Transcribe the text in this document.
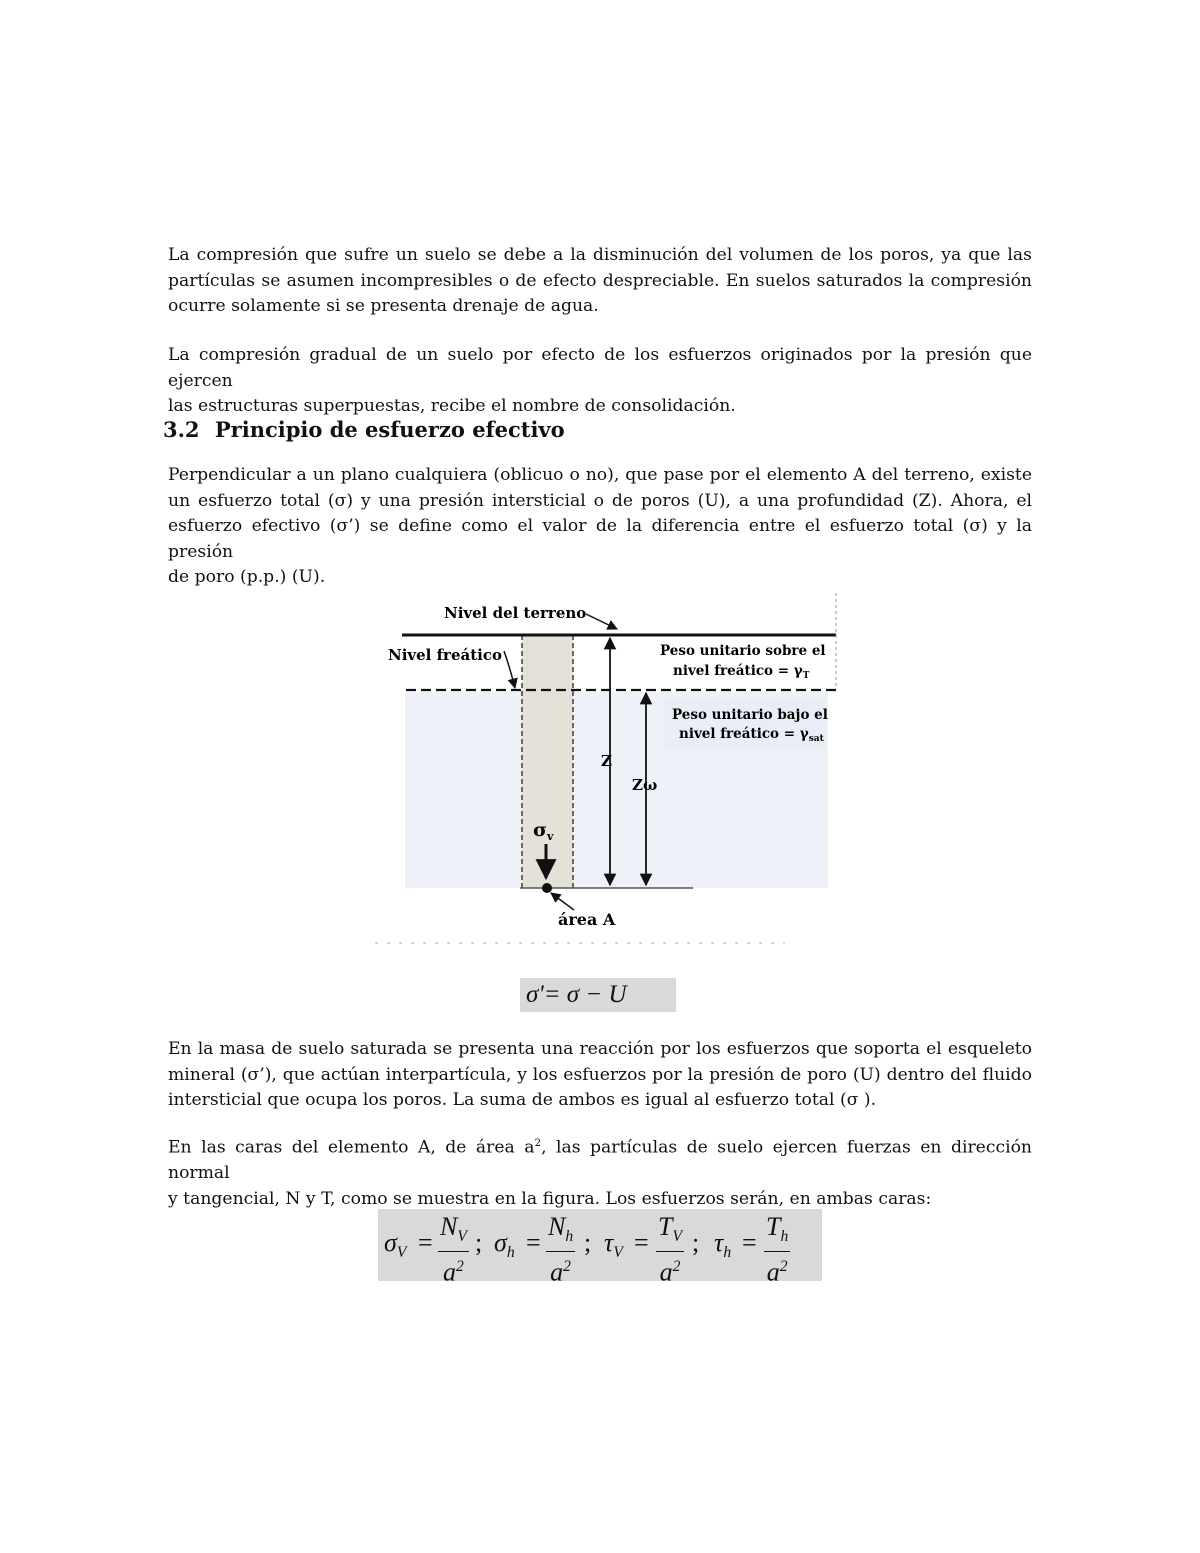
La compresión que sufre un suelo se debe a la disminución del volumen de los poros, ya que las
partículas se asumen incompresibles o de efecto despreciable. En suelos saturados la compresión
ocurre solamente si se presenta drenaje de agua.
La compresión gradual de un suelo por efecto de los esfuerzos originados por la presión que ejercen
las estructuras superpuestas, recibe el nombre de consolidación.
3.2 Principio de esfuerzo efectivo
Perpendicular a un plano cualquiera (oblicuo o no), que pase por el elemento A del terreno, existe
un esfuerzo total (σ) y una presión intersticial o de poros (U), a una profundidad (Z). Ahora, el
esfuerzo efectivo (σ’) se define como el valor de la diferencia entre el esfuerzo total (σ) y la presión
de poro (p.p.) (U).
Nivel del terreno
Nivel freático	Peso unitario sobre el
nivel freático = $\gamma_T$
Peso unitario bajo el
nivel freático = $\gamma_{sat}$
Z
Zω
$\sigma_v$
área A
σ'= σ − U
En la masa de suelo saturada se presenta una reacción por los esfuerzos que soporta el esqueleto
mineral (σ’), que actúan interpartícula, y los esfuerzos por la presión de poro (U) dentro del fluido
intersticial que ocupa los poros. La suma de ambos es igual al esfuerzo total (σ ).
En las caras del elemento A, de área $a^2$, las partículas de suelo ejercen fuerzas en dirección normal
y tangencial, N y T, como se muestra en la figura. Los esfuerzos serán, en ambas caras:
$\sigma_V = \frac{N_V}{a^2}$ ; $\sigma_h = \frac{N_h}{a^2}$ ; $\tau_V = \frac{T_V}{a^2}$ ; $\tau_h = \frac{T_h}{a^2}$
